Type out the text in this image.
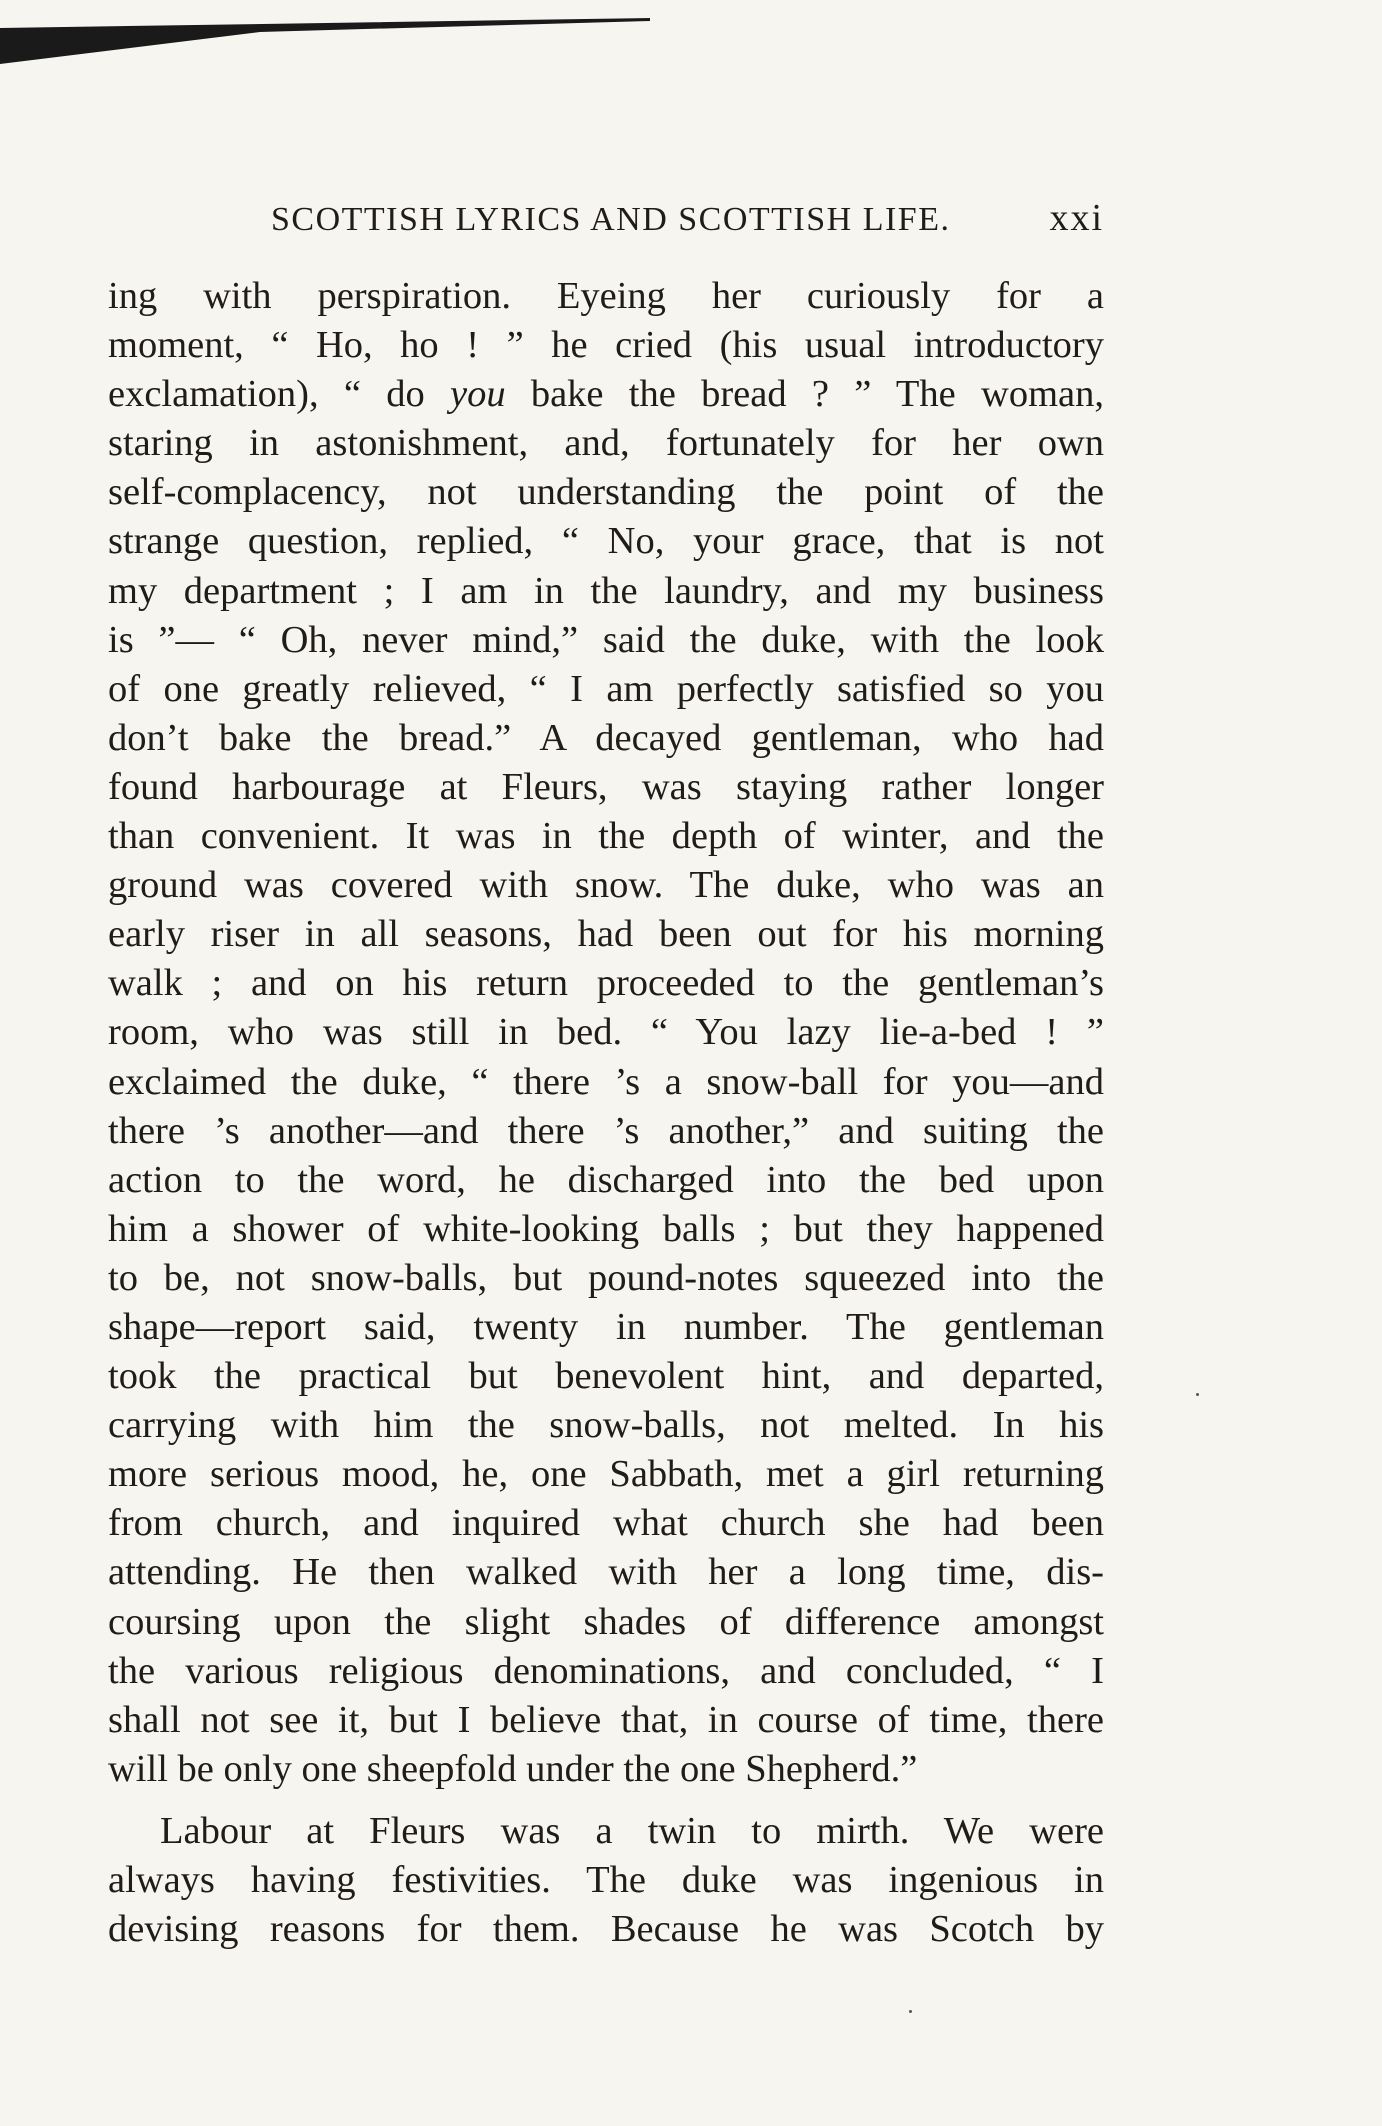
SCOTTISH LYRICS AND SCOTTISH LIFE.	xxi

ing with perspiration. Eyeing her curiously for a

moment, “ Ho, ho ! ” he cried (his usual introductory

exclamation), “ do you bake the bread ? ” The woman,

staring in astonishment, and, fortunately for her own

self-complacency, not understanding the point of the

strange question, replied, “ No, your grace, that is not

my department ; I am in the laundry, and my business

is ”— “ Oh, never mind,” said the duke, with the look

of one greatly relieved, “ I am perfectly satisfied so you

don’t bake the bread.” A decayed gentleman, who had

found harbourage at Fleurs, was staying rather longer

than convenient. It was in the depth of winter, and the

ground was covered with snow. The duke, who was an

early riser in all seasons, had been out for his morning

walk ; and on his return proceeded to the gentleman’s

room, who was still in bed. “ You lazy lie-a-bed ! ”

exclaimed the duke, “ there ’s a snow-ball for you—and

there ’s another—and there ’s another,” and suiting the

action to the word, he discharged into the bed upon

him a shower of white-looking balls ; but they happened

to be, not snow-balls, but pound-notes squeezed into the

shape—report said, twenty in number. The gentleman

took the practical but benevolent hint, and departed,

carrying with him the snow-balls, not melted. In his

more serious mood, he, one Sabbath, met a girl returning

from church, and inquired what church she had been

attending. He then walked with her a long time, dis-

coursing upon the slight shades of difference amongst

the various religious denominations, and concluded, “ I

shall not see it, but I believe that, in course of time, there

will be only one sheepfold under the one Shepherd.”

Labour at Fleurs was a twin to mirth. We were

always having festivities. The duke was ingenious in

devising reasons for them. Because he was Scotch by
